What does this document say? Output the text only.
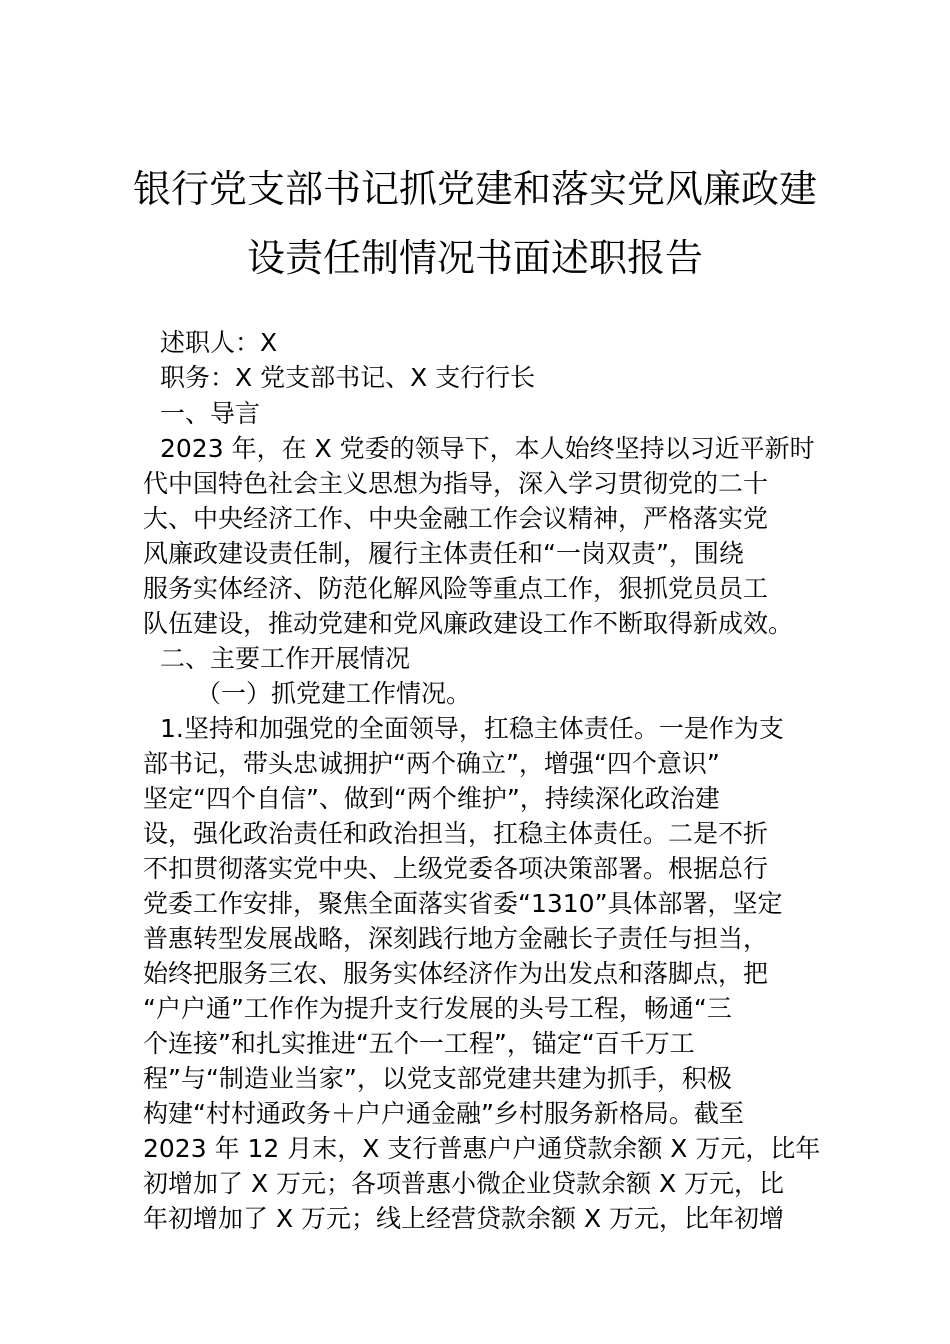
银行党支部书记抓党建和落实党风廉政建
设责任制情况书面述职报告
述职人：X
职务：X 党支部书记、X 支行行长
一、导言
2023 年，在 X 党委的领导下，本人始终坚持以习近平新时
代中国特色社会主义思想为指导，深入学习贯彻党的二十
大、中央经济工作、中央金融工作会议精神，严格落实党
风廉政建设责任制，履行主体责任和“一岗双责”，围绕
服务实体经济、防范化解风险等重点工作，狠抓党员员工
队伍建设，推动党建和党风廉政建设工作不断取得新成效。
二、主要工作开展情况
（一）抓党建工作情况。
1.坚持和加强党的全面领导，扛稳主体责任。一是作为支
部书记，带头忠诚拥护“两个确立”，增强“四个意识”
坚定“四个自信”、做到“两个维护”，持续深化政治建
设，强化政治责任和政治担当，扛稳主体责任。二是不折
不扣贯彻落实党中央、上级党委各项决策部署。根据总行
党委工作安排，聚焦全面落实省委“1310”具体部署，坚定
普惠转型发展战略，深刻践行地方金融长子责任与担当，
始终把服务三农、服务实体经济作为出发点和落脚点，把
“户户通”工作作为提升支行发展的头号工程，畅通“三
个连接”和扎实推进“五个一工程”，锚定“百千万工
程”与“制造业当家”，以党支部党建共建为抓手，积极
构建“村村通政务＋户户通金融”乡村服务新格局。截至
2023 年 12 月末，X 支行普惠户户通贷款余额 X 万元，比年
初增加了 X 万元；各项普惠小微企业贷款余额 X 万元，比
年初增加了 X 万元；线上经营贷款余额 X 万元，比年初增
